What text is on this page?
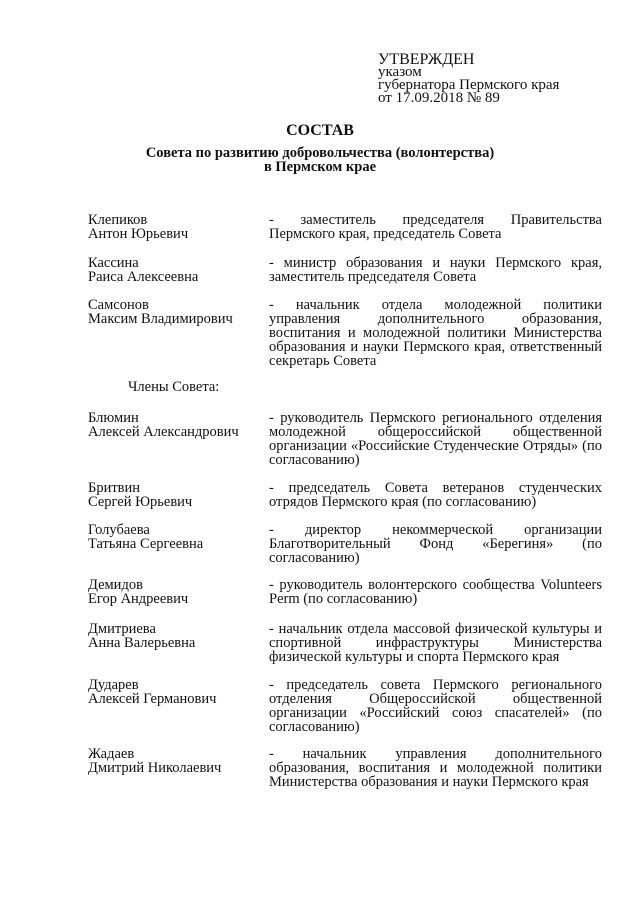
УТВЕРЖДЕН
указом
губернатора Пермского края
от 17.09.2018 № 89
СОСТАВ
Совета по развитию добровольчества (волонтерства)
в Пермском крае
Клепиков
Антон Юрьевич
- заместитель председателя Правительства Пермского края, председатель Совета
Кассина
Раиса Алексеевна
- министр образования и науки Пермского края, заместитель председателя Совета
Самсонов
Максим Владимирович
- начальник отдела молодежной политики управления дополнительного образования, воспитания и молодежной политики Министерства образования и науки Пермского края, ответственный секретарь Совета
Члены Совета:
Блюмин
Алексей Александрович
- руководитель Пермского регионального отделения молодежной общероссийской общественной организации «Российские Студенческие Отряды» (по согласованию)
Бритвин
Сергей Юрьевич
- председатель Совета ветеранов студенческих отрядов Пермского края (по согласованию)
Голубаева
Татьяна Сергеевна
- директор некоммерческой организации Благотворительный Фонд «Берегиня» (по согласованию)
Демидов
Егор Андреевич
- руководитель волонтерского сообщества Volunteers Perm (по согласованию)
Дмитриева
Анна Валерьевна
- начальник отдела массовой физической культуры и спортивной инфраструктуры Министерства физической культуры и спорта Пермского края
Дударев
Алексей Германович
- председатель совета Пермского регионального отделения Общероссийской общественной организации «Российский союз спасателей» (по согласованию)
Жадаев
Дмитрий Николаевич
- начальник управления дополнительного образования, воспитания и молодежной политики Министерства образования и науки Пермского края
